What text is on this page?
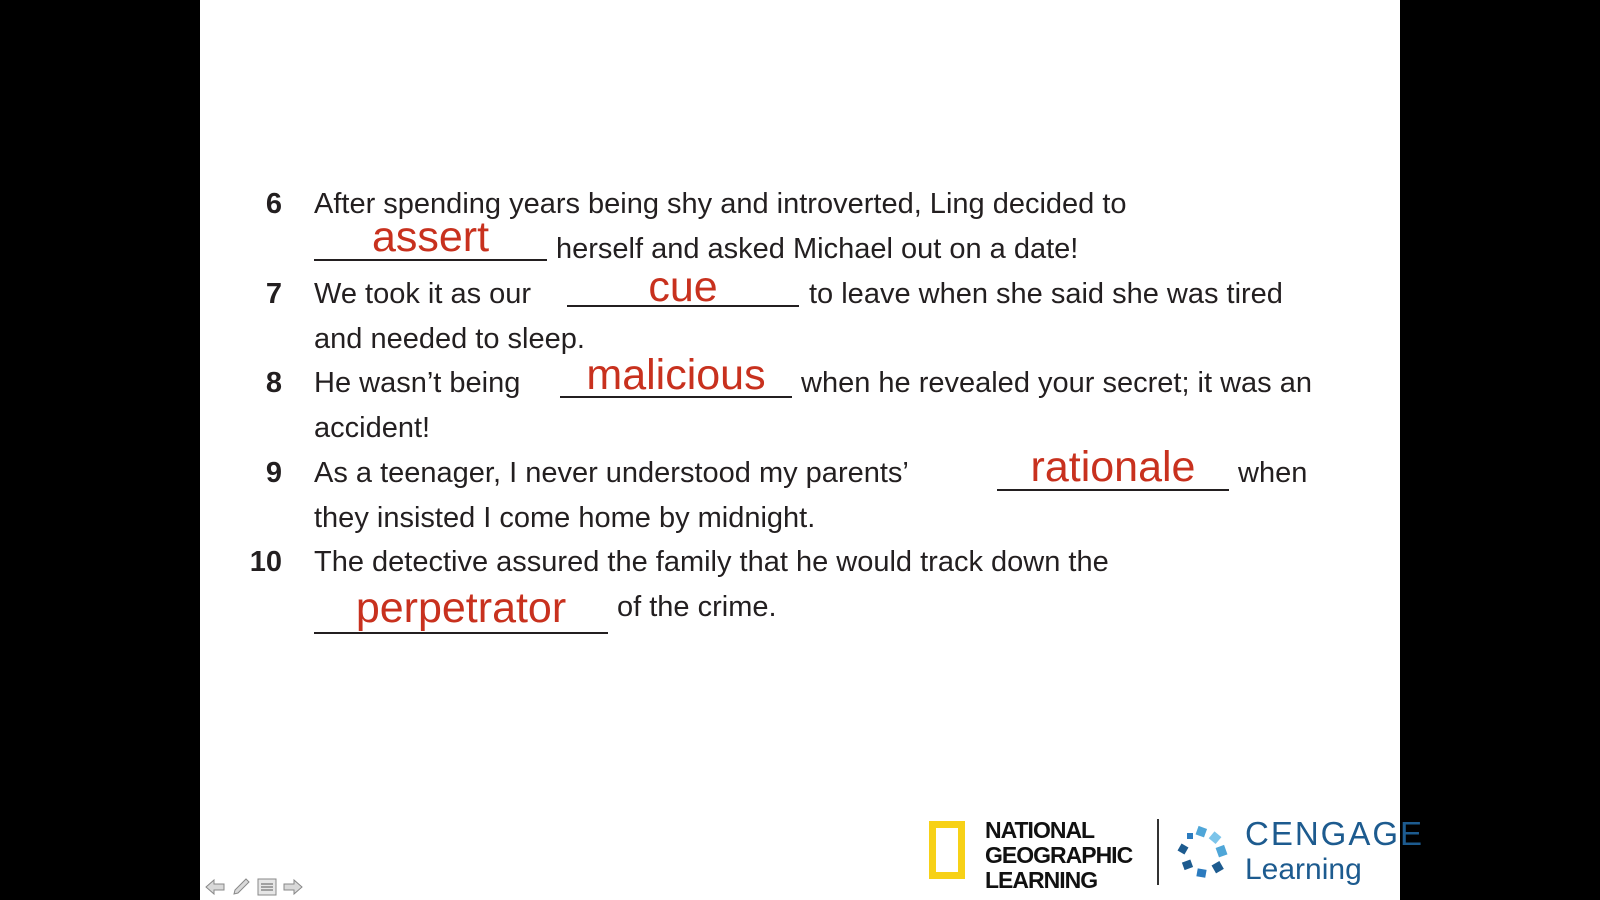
6 After spending years being shy and introverted, Ling decided to
assert	herself and asked Michael out on a date!
7 We took it as our	cue	to leave when she said she was tired
and needed to sleep.
8 He wasn’t being	malicious	when he revealed your secret; it was an
accident!
9 As a teenager, I never understood my parents’	rationale	when
they insisted I come home by midnight.
10 The detective assured the family that he would track down the
perpetrator	of the crime.
NATIONAL
GEOGRAPHIC
LEARNING
CENGAGE
Learning
